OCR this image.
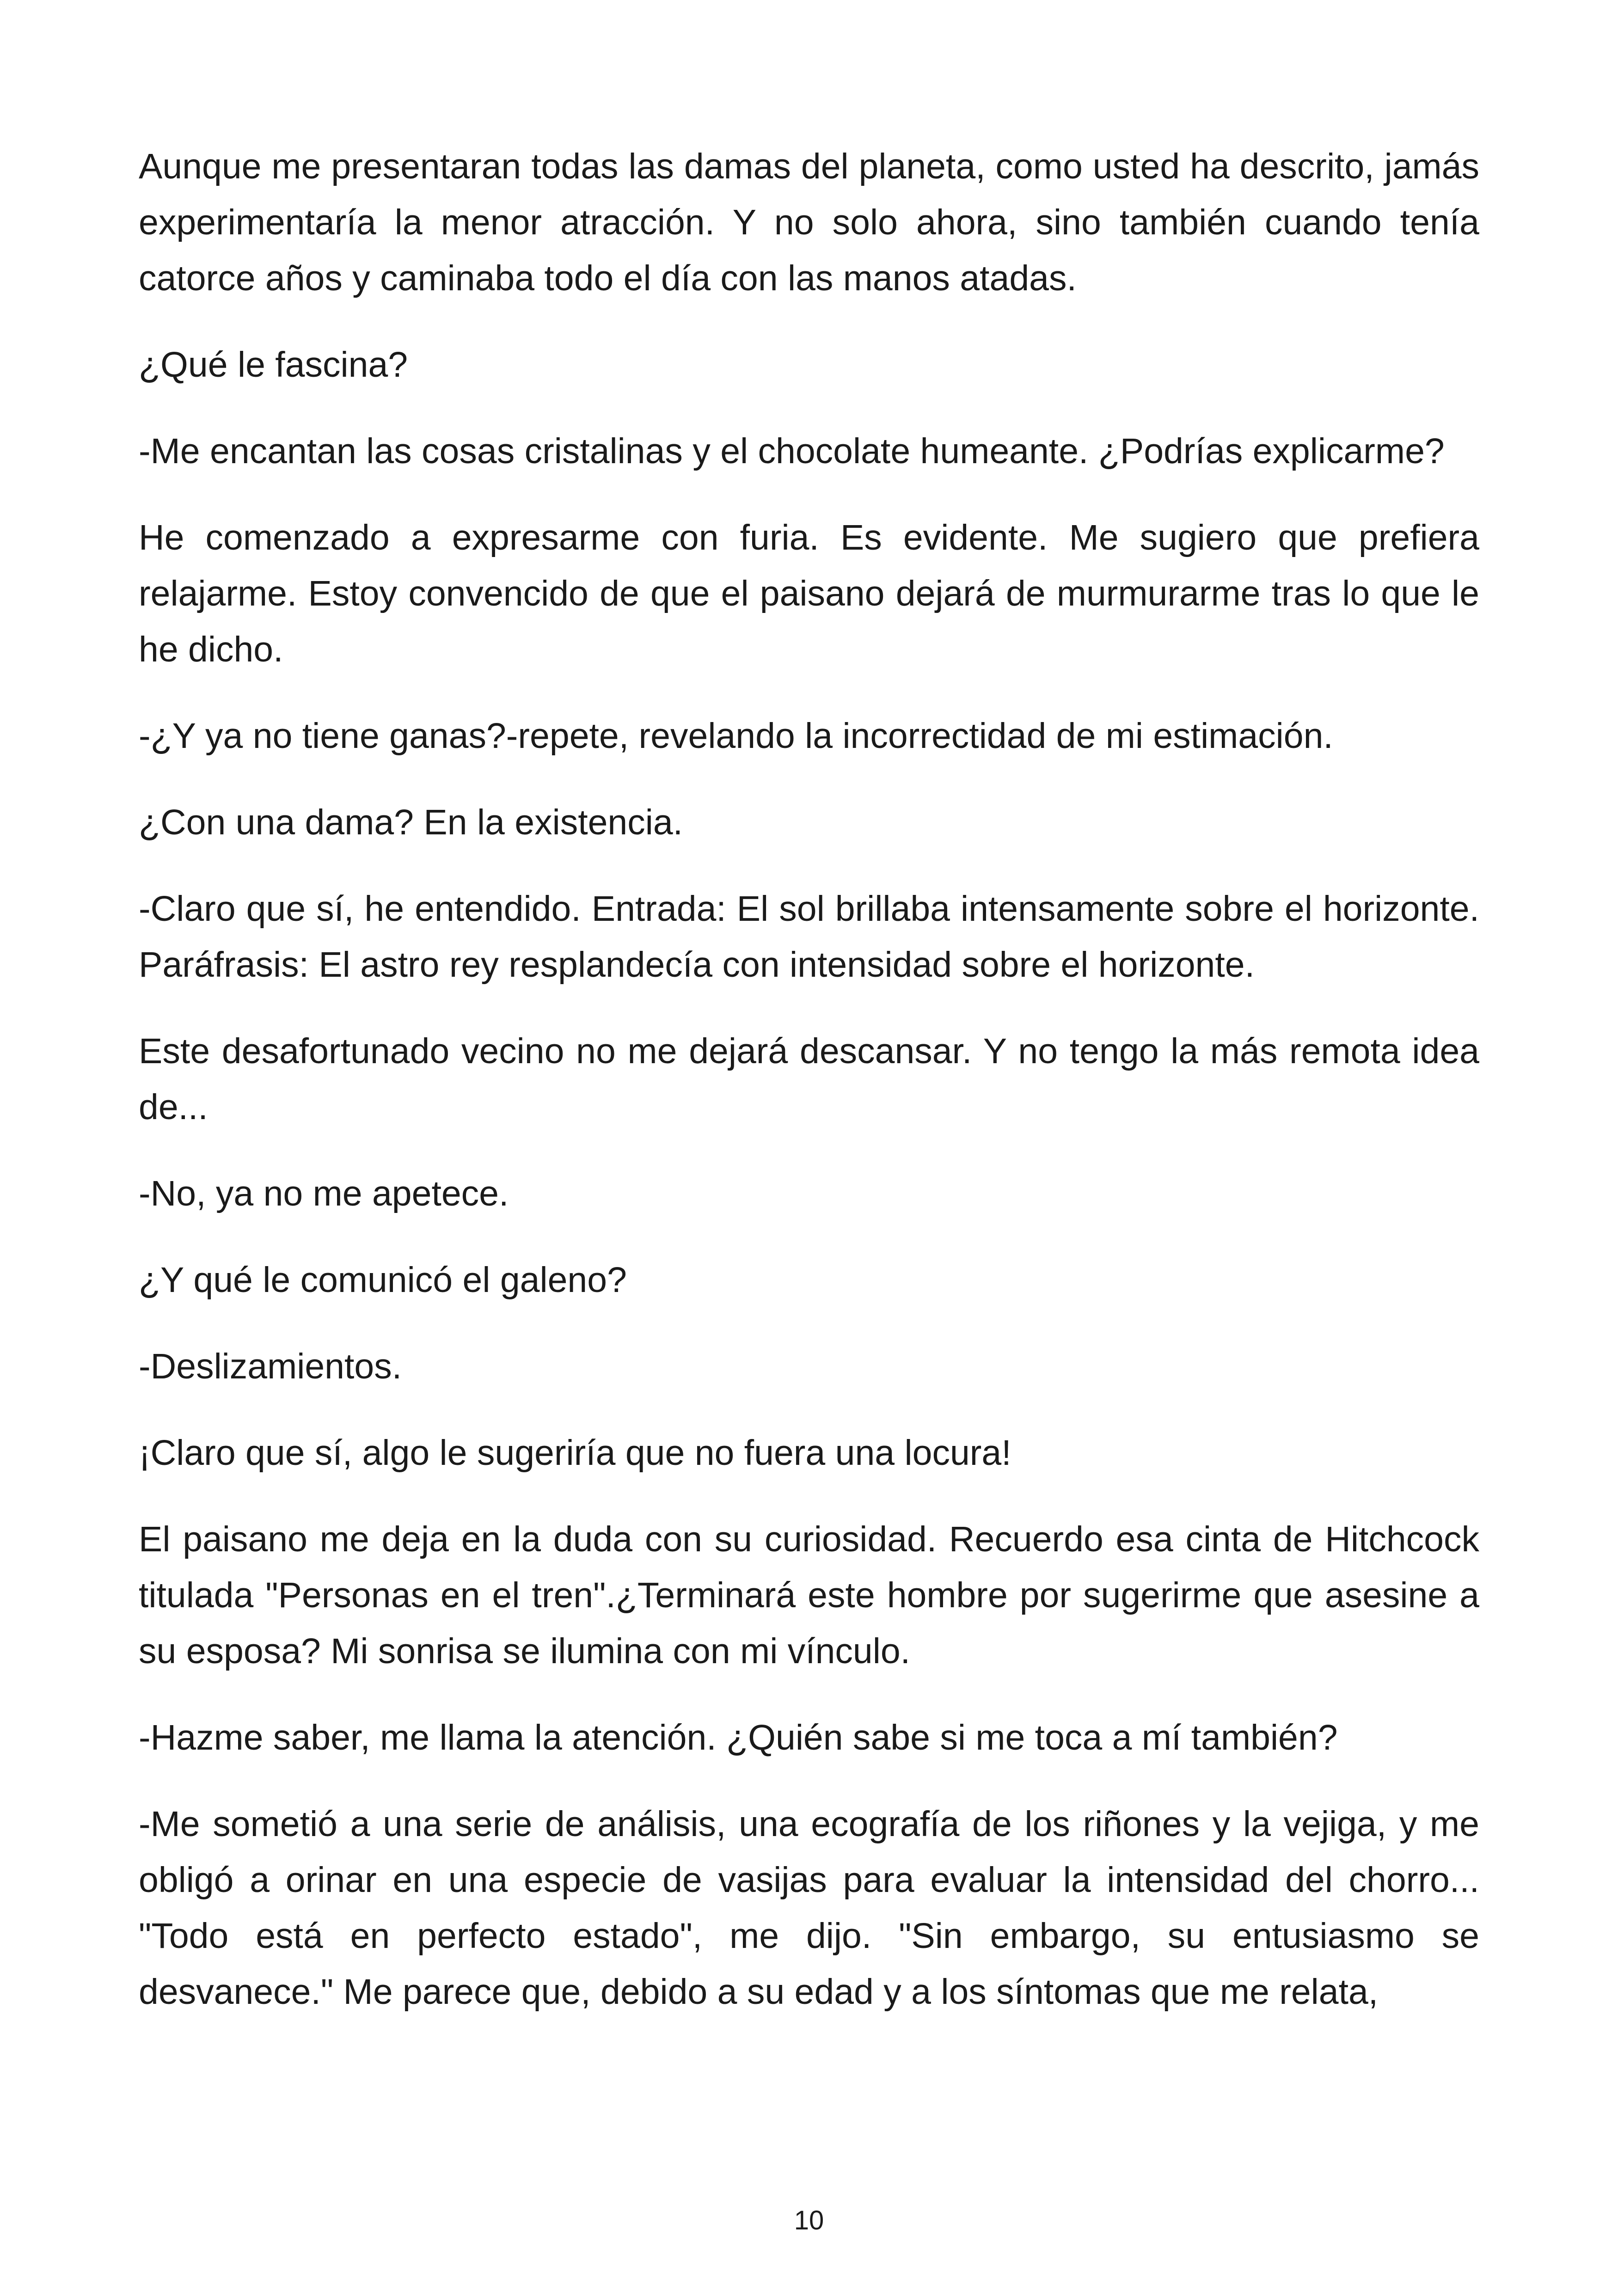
Aunque me presentaran todas las damas del planeta, como usted ha descrito, jamás experimentaría la menor atracción. Y no solo ahora, sino también cuando tenía catorce años y caminaba todo el día con las manos atadas.

¿Qué le fascina?

-Me encantan las cosas cristalinas y el chocolate humeante. ¿Podrías explicarme?

He comenzado a expresarme con furia. Es evidente. Me sugiero que prefiera relajarme. Estoy convencido de que el paisano dejará de murmurarme tras lo que le he dicho.

-¿Y ya no tiene ganas?-repete, revelando la incorrectidad de mi estimación.

¿Con una dama? En la existencia.

-Claro que sí, he entendido. Entrada: El sol brillaba intensamente sobre el horizonte. Paráfrasis: El astro rey resplandecía con intensidad sobre el horizonte.

Este desafortunado vecino no me dejará descansar. Y no tengo la más remota idea de...

-No, ya no me apetece.

¿Y qué le comunicó el galeno?

-Deslizamientos.

¡Claro que sí, algo le sugeriría que no fuera una locura!

El paisano me deja en la duda con su curiosidad. Recuerdo esa cinta de Hitchcock titulada "Personas en el tren".¿Terminará este hombre por sugerirme que asesine a su esposa? Mi sonrisa se ilumina con mi vínculo.

-Hazme saber, me llama la atención. ¿Quién sabe si me toca a mí también?

-Me sometió a una serie de análisis, una ecografía de los riñones y la vejiga, y me obligó a orinar en una especie de vasijas para evaluar la intensidad del chorro... "Todo está en perfecto estado", me dijo. "Sin embargo, su entusiasmo se desvanece." Me parece que, debido a su edad y a los síntomas que me relata,

10
